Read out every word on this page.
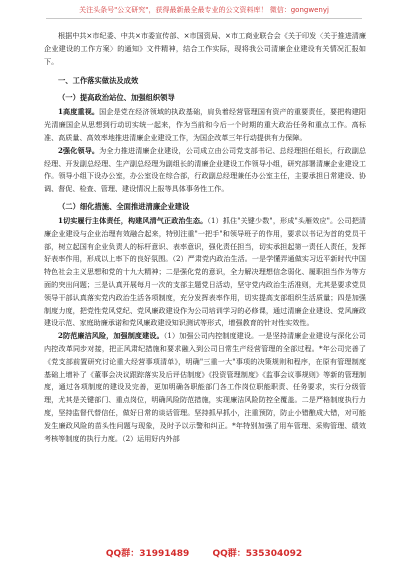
关注头条号"公文研究"，获得最新最全最专业的公文资料库！ 微信：gongwenyj

根据中共×市纪委、中共×市委宣传部、×市国资局、×市工商业联合会《关于印发〈关于推进清廉企业建设的工作方案〉的通知》文件精神，结合工作实际，现将我公司清廉企业建设有关情况汇报如下。

一、工作落实做法及成效
（一）提高政治站位、加强组织领导

1高度重视。国企是党在经济领域的执政基础，肩负着经营管理国有资产的重要责任，要把构建阳光清廉国企从思想到行动切实统一起来，作为当前和今后一个时期的重大政治任务和重点工作。高标准、高质量、高效率地推进清廉企业建设工作，为国企改革三年行动提供有力保障。

2强化领导。为全力推进清廉企业建设，公司成立由公司党支部书记、总经理担任组长，行政副总经理、开发副总经理、生产副总经理为副组长的清廉企业建设工作领导小组，研究部署清廉企业建设工作。领导小组下设办公室，办公室设在综合部，行政副总经理兼任办公室主任，主要承担日常建设、协调、督促、检查、管理、建设情况上报等具体事务性工作。

（二）细化措施、全面推进清廉企业建设

1切实履行主体责任，构建风清气正政治生态。（1）抓住"关键少数"，形成"头雁效应"。公司把清廉企业建设与企业治理有效融合起来，特别注重"一把手"和领导班子的作用，要求以书记为首的党员干部，树立起国有企业负责人的标杆意识、表率意识，强化责任担当，切实承担起第一责任人责任，发挥好表率作用，形成以上率下的良好氛围。（2）严肃党内政治生活。一是学懂弄通做实习近平新时代中国特色社会主义思想和党的十九大精神；二是强化党的意识，全力解决理想信念弱化、履职担当作为等方面的突出问题；三是认真开展每月一次的支部主题党日活动，坚守党内政治生活准则，尤其是要求党员领导干部认真落实党内政治生活各项制度，充分发挥表率作用，切实提高支部组织生活质量；四是加强制度力度，把党性党风党纪、党风廉政建设作为公司培训学习的必修课，通过清廉企业建设、党风廉政建设示范、家庭助廉承诺和党风廉政建设知识测试等形式，增强教育的针对性实效性。

2防范廉洁风险，加强制度建设。（1）加强公司内控制度建设。一是坚持清廉企业建设与深化公司内控改革同步对接，把正风肃纪措施和要求融入到公司日常生产经营管理的全部过程。*年公司完善了《党支部前置研究讨论重大经营事项清单》，明确"三重一大"事项的决策规则和程序，在原有管理制度基础上增补了《董事会决议跟踪落实及后评估制度》《投资管理制度》《监事会议事规则》等新的管理制度，通过各项制度的建设及完善，更加明确各职能部门各工作岗位职能职责、任务要求，实行分级管理，尤其是关键部门、重点岗位，明确风险防范措施，实现廉洁风险防控全覆盖。二是严格制度执行力度，坚持监督代替信任，做好日常的谈话管理。坚持抓早抓小，注重预防，防止小错酿成大错，对可能发生廉政风险的苗头性问题与现象，及时予以示警和纠正。*年特别加强了用车管理、采购管理、绩效考核等制度的执行力度。（2）运用好内外部

QQ群：31991489	QQ群：535304092
